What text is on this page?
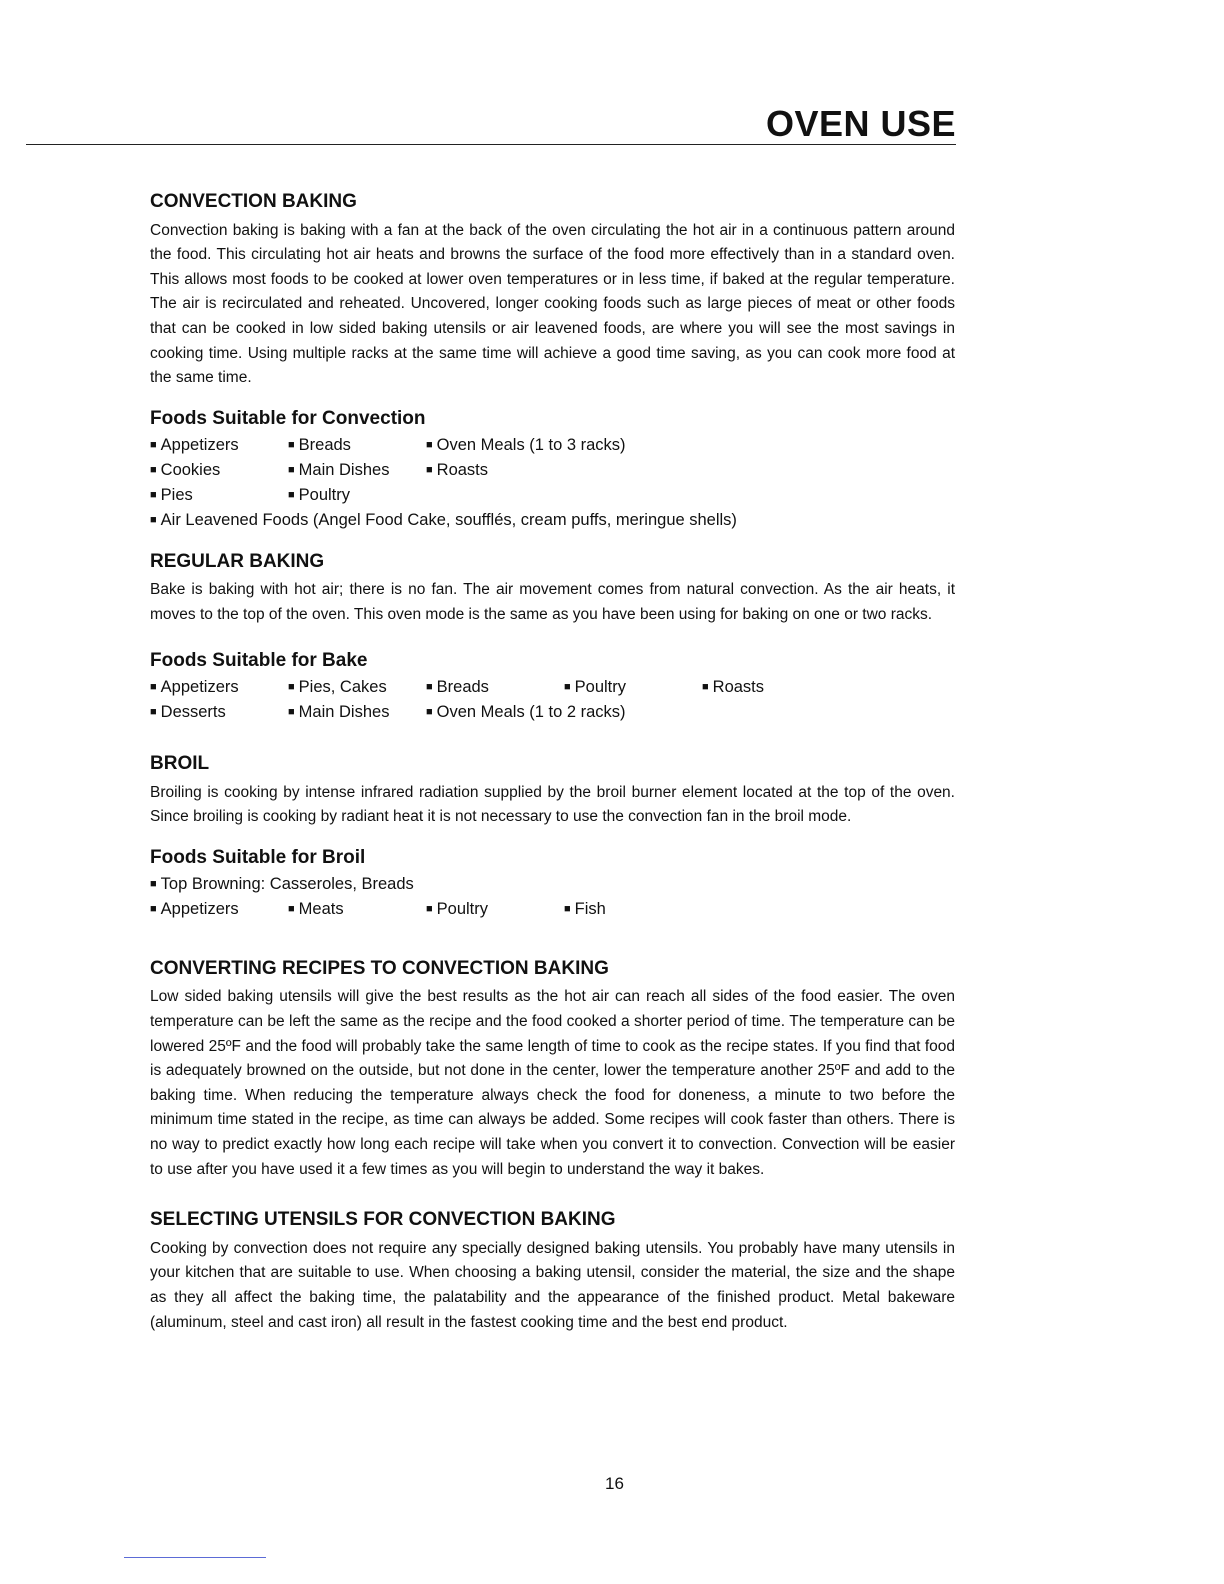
OVEN USE
CONVECTION BAKING

Convection baking is baking with a fan at the back of the oven circulating the hot air in a continuous pattern around the food. This circulating hot air heats and browns the surface of the food more effectively than in a standard oven. This allows most foods to be cooked at lower oven temperatures or in less time, if baked at the regular temperature. The air is recirculated and reheated. Uncovered, longer cooking foods such as large pieces of meat or other foods that can be cooked in low sided baking utensils or air leavened foods, are where you will see the most savings in cooking time. Using multiple racks at the same time will achieve a good time saving, as you can cook more food at the same time.

Foods Suitable for Convection
■ Appetizers	■ Breads	■ Oven Meals (1 to 3 racks)
■ Cookies	■ Main Dishes	■ Roasts
■ Pies	■ Poultry
■ Air Leavened Foods (Angel Food Cake, soufflés, cream puffs, meringue shells)
REGULAR BAKING

Bake is baking with hot air; there is no fan. The air movement comes from natural convection. As the air heats, it moves to the top of the oven. This oven mode is the same as you have been using for baking on one or two racks.

Foods Suitable for Bake
■ Appetizers	■ Pies, Cakes	■ Breads	■ Poultry	■ Roasts
■ Desserts	■ Main Dishes	■ Oven Meals (1 to 2 racks)
BROIL

Broiling is cooking by intense infrared radiation supplied by the broil burner element located at the top of the oven. Since broiling is cooking by radiant heat it is not necessary to use the convection fan in the broil mode.

Foods Suitable for Broil
■ Top Browning: Casseroles, Breads
■ Appetizers	■ Meats	■ Poultry	■ Fish
CONVERTING RECIPES TO CONVECTION BAKING

Low sided baking utensils will give the best results as the hot air can reach all sides of the food easier. The oven temperature can be left the same as the recipe and the food cooked a shorter period of time. The temperature can be lowered 25ºF and the food will probably take the same length of time to cook as the recipe states. If you find that food is adequately browned on the outside, but not done in the center, lower the temperature another 25ºF and add to the baking time. When reducing the temperature always check the food for doneness, a minute to two before the minimum time stated in the recipe, as time can always be added. Some recipes will cook faster than others. There is no way to predict exactly how long each recipe will take when you convert it to convection. Convection will be easier to use after you have used it a few times as you will begin to understand the way it bakes.

SELECTING UTENSILS FOR CONVECTION BAKING

Cooking by convection does not require any specially designed baking utensils. You probably have many utensils in your kitchen that are suitable to use. When choosing a baking utensil, consider the material, the size and the shape as they all affect the baking time, the palatability and the appearance of the finished product. Metal bakeware (aluminum, steel and cast iron) all result in the fastest cooking time and the best end product.

16
